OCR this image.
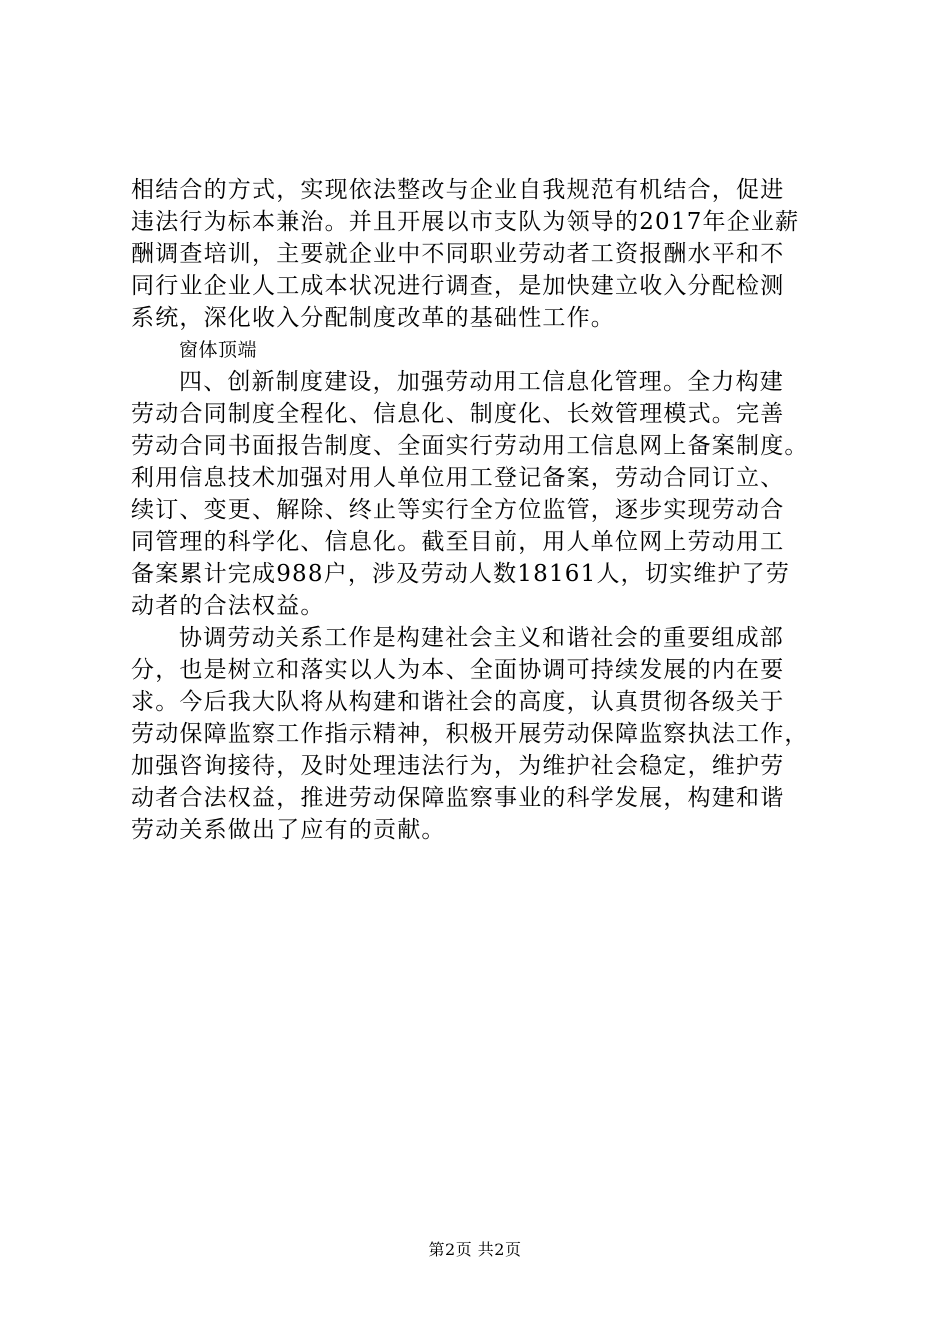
相结合的方式，实现依法整改与企业自我规范有机结合，促进
违法行为标本兼治。并且开展以市支队为领导的2017年企业薪
酬调查培训，主要就企业中不同职业劳动者工资报酬水平和不
同行业企业人工成本状况进行调查，是加快建立收入分配检测
系统，深化收入分配制度改革的基础性工作。
窗体顶端
四、创新制度建设，加强劳动用工信息化管理。全力构建
劳动合同制度全程化、信息化、制度化、长效管理模式。完善
劳动合同书面报告制度、全面实行劳动用工信息网上备案制度。
利用信息技术加强对用人单位用工登记备案，劳动合同订立、
续订、变更、解除、终止等实行全方位监管，逐步实现劳动合
同管理的科学化、信息化。截至目前，用人单位网上劳动用工
备案累计完成988户，涉及劳动人数18161人，切实维护了劳
动者的合法权益。
协调劳动关系工作是构建社会主义和谐社会的重要组成部
分，也是树立和落实以人为本、全面协调可持续发展的内在要
求。今后我大队将从构建和谐社会的高度，认真贯彻各级关于
劳动保障监察工作指示精神，积极开展劳动保障监察执法工作，
加强咨询接待，及时处理违法行为，为维护社会稳定，维护劳
动者合法权益，推进劳动保障监察事业的科学发展，构建和谐
劳动关系做出了应有的贡献。
第2页 共2页
